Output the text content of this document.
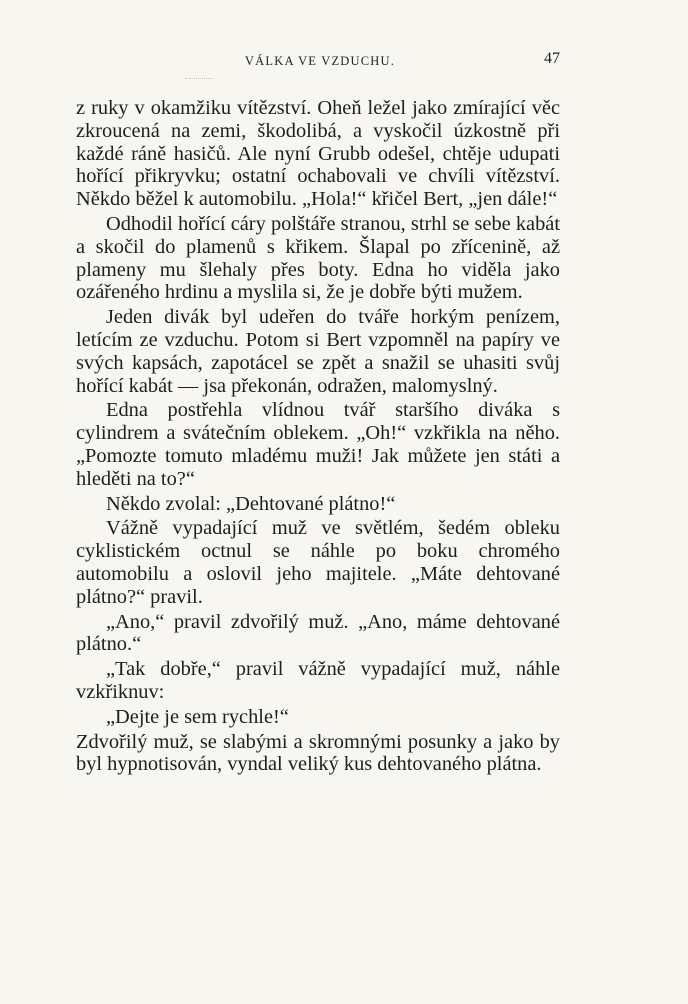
VÁLKA VE VZDUCHU.	47

z ruky v okamžiku vítězství. Oheň ležel jako zmírající věc zkroucená na zemi, škodolibá, a vyskočil úzkostně při každé ráně hasičů. Ale nyní Grubb odešel, chtěje udupati hořící přikryvku; ostatní ochabovali ve chvíli vítězství. Někdo běžel k automobilu. „Hola!“ křičel Bert, „jen dále!“

Odhodil hořící cáry polštáře stranou, strhl se sebe kabát a skočil do plamenů s křikem. Šlapal po zřícenině, až plameny mu šlehaly přes boty. Edna ho viděla jako ozářeného hrdinu a myslila si, že je dobře býti mužem.

Jeden divák byl udeřen do tváře horkým penízem, letícím ze vzduchu. Potom si Bert vzpomněl na papíry ve svých kapsách, zapotácel se zpět a snažil se uhasiti svůj hořící kabát — jsa překonán, odražen, malomyslný.

Edna postřehla vlídnou tvář staršího diváka s cylindrem a svátečním oblekem. „Oh!“ vzkřikla na něho. „Pomozte tomuto mladému muži! Jak můžete jen státi a hleděti na to?“

Někdo zvolal: „Dehtované plátno!“

Vážně vypadající muž ve světlém, šedém obleku cyklistickém octnul se náhle po boku chromého automobilu a oslovil jeho majitele. „Máte dehtované plátno?“ pravil.

„Ano,“ pravil zdvořilý muž. „Ano, máme dehtované plátno.“

„Tak dobře,“ pravil vážně vypadající muž, náhle vzkřiknuv:

„Dejte je sem rychle!“

Zdvořilý muž, se slabými a skromnými posunky a jako by byl hypnotisován, vyndal veliký kus dehtovaného plátna.
